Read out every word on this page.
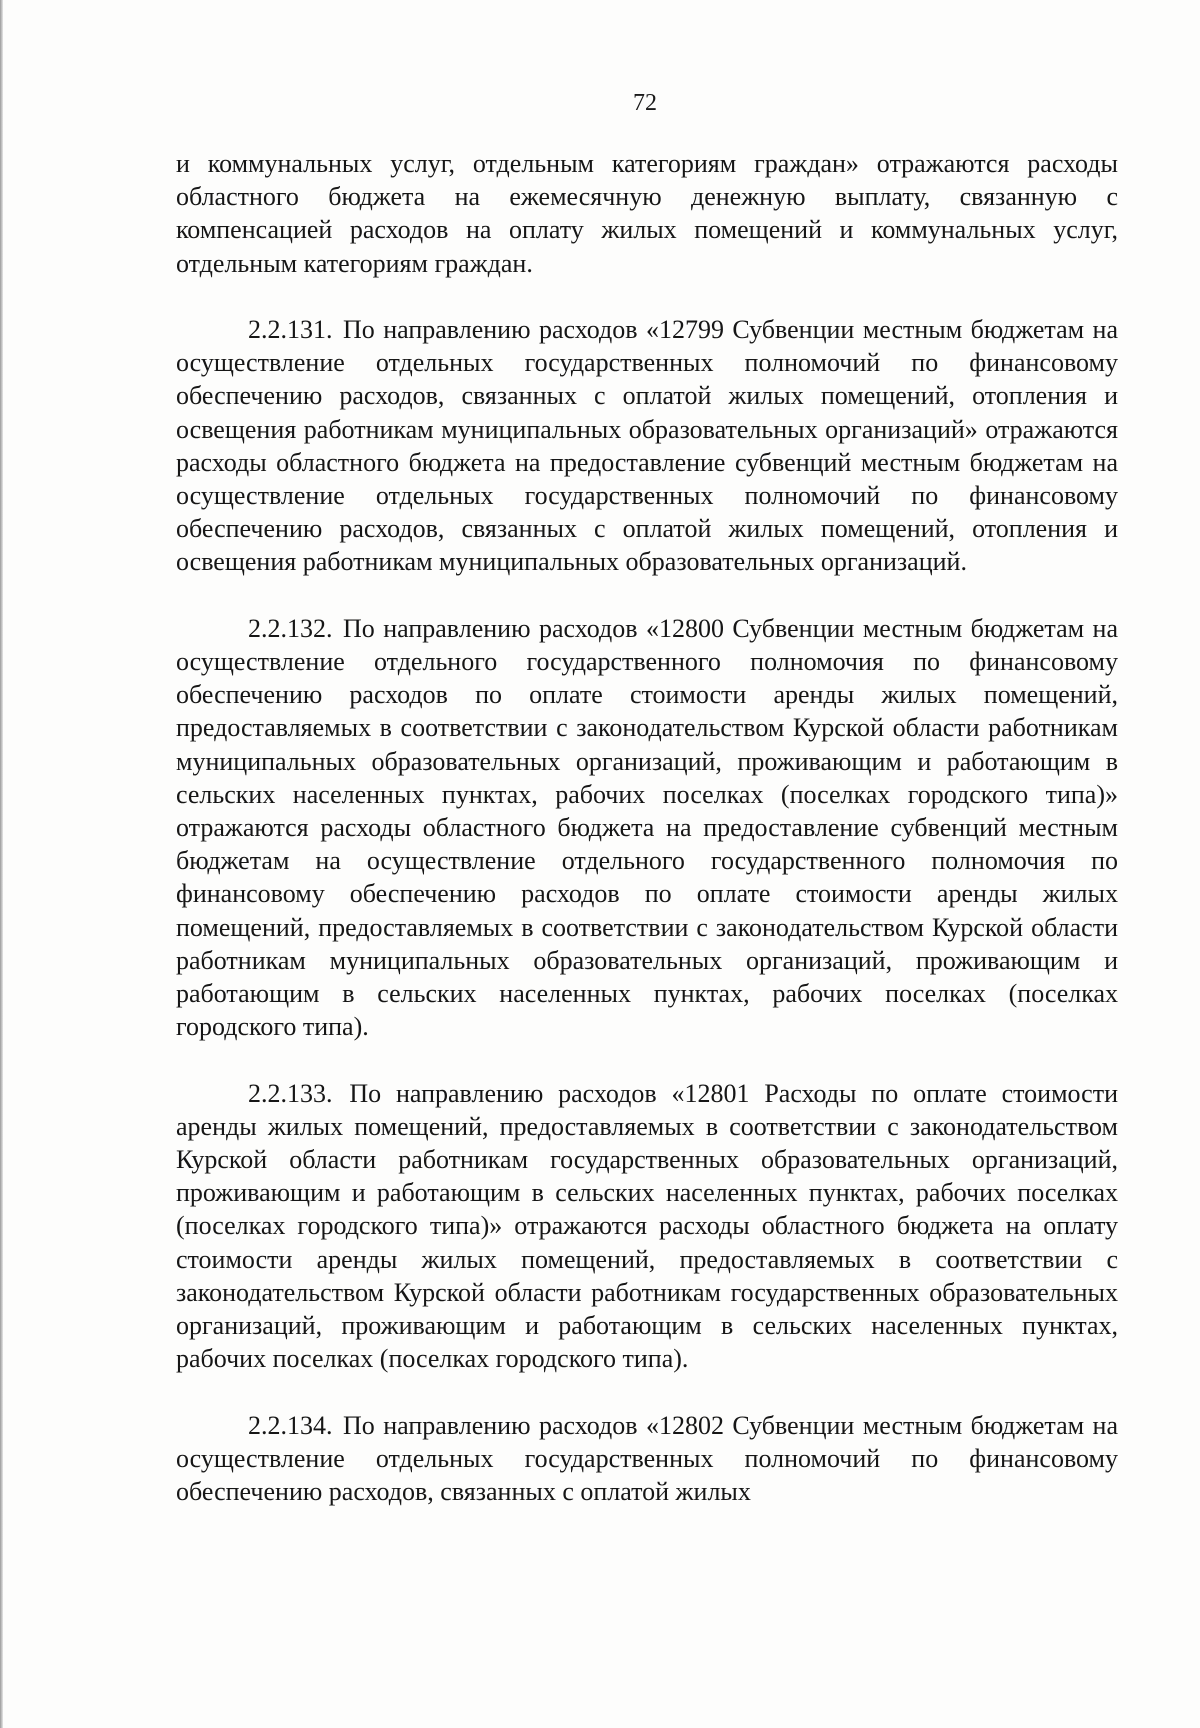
72

и коммунальных услуг, отдельным категориям граждан» отражаются расходы областного бюджета на ежемесячную денежную выплату, связанную с компенсацией расходов на оплату жилых помещений и коммунальных услуг, отдельным категориям граждан.

2.2.131. По направлению расходов «12799 Субвенции местным бюджетам на осуществление отдельных государственных полномочий по финансовому обеспечению расходов, связанных с оплатой жилых помещений, отопления и освещения работникам муниципальных образовательных организаций» отражаются расходы областного бюджета на предоставление субвенций местным бюджетам на осуществление отдельных государственных полномочий по финансовому обеспечению расходов, связанных с оплатой жилых помещений, отопления и освещения работникам муниципальных образовательных организаций.

2.2.132. По направлению расходов «12800 Субвенции местным бюджетам на осуществление отдельного государственного полномочия по финансовому обеспечению расходов по оплате стоимости аренды жилых помещений, предоставляемых в соответствии с законодательством Курской области работникам муниципальных образовательных организаций, проживающим и работающим в сельских населенных пунктах, рабочих поселках (поселках городского типа)» отражаются расходы областного бюджета на предоставление субвенций местным бюджетам на осуществление отдельного государственного полномочия по финансовому обеспечению расходов по оплате стоимости аренды жилых помещений, предоставляемых в соответствии с законодательством Курской области работникам муниципальных образовательных организаций, проживающим и работающим в сельских населенных пунктах, рабочих поселках (поселках городского типа).

2.2.133. По направлению расходов «12801 Расходы по оплате стоимости аренды жилых помещений, предоставляемых в соответствии с законодательством Курской области работникам государственных образовательных организаций, проживающим и работающим в сельских населенных пунктах, рабочих поселках (поселках городского типа)» отражаются расходы областного бюджета на оплату стоимости аренды жилых помещений, предоставляемых в соответствии с законодательством Курской области работникам государственных образовательных организаций, проживающим и работающим в сельских населенных пунктах, рабочих поселках (поселках городского типа).

2.2.134. По направлению расходов «12802 Субвенции местным бюджетам на осуществление отдельных государственных полномочий по финансовому обеспечению расходов, связанных с оплатой жилых
